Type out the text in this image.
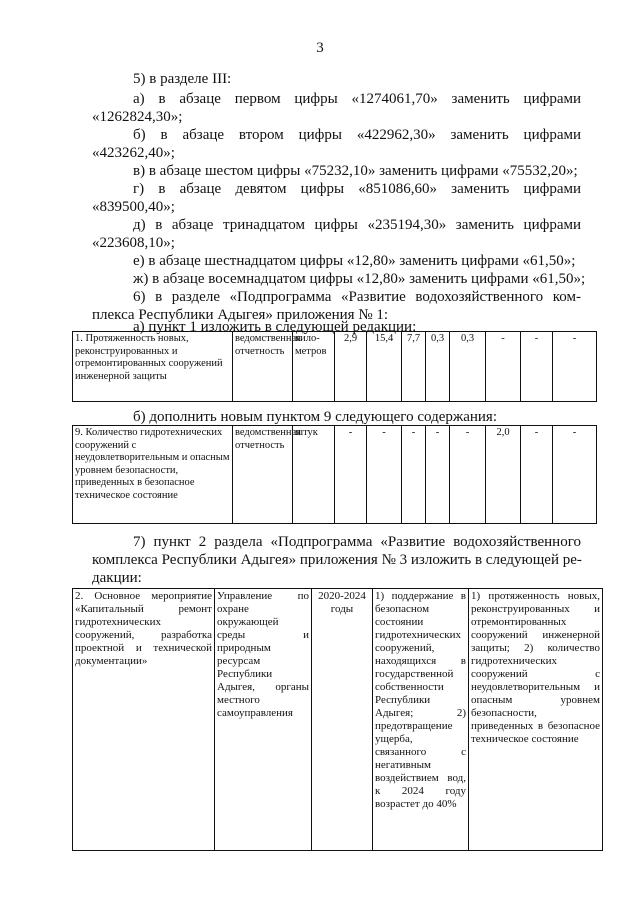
3
5) в разделе III:
а) в абзаце первом цифры «1274061,70» заменить цифрами
«1262824,30»;
б) в абзаце втором цифры «422962,30» заменить цифрами
«423262,40»;
в) в абзаце шестом цифры «75232,10» заменить цифрами «75532,20»;
г) в абзаце девятом цифры «851086,60» заменить цифрами
«839500,40»;
д) в абзаце тринадцатом цифры «235194,30» заменить цифрами
«223608,10»;
е) в абзаце шестнадцатом цифры «12,80» заменить цифрами «61,50»;
ж) в абзаце восемнадцатом цифры «12,80» заменить цифрами «61,50»;
6) в разделе «Подпрограмма «Развитие водохозяйственного ком-
плекса Республики Адыгея» приложения № 1:
а) пункт 1 изложить в следующей редакции:
1. Протяженность новых, реконструированных и отремонтированных сооружений инженерной защиты	ведомственная отчетность	кило-метров	2,9	15,4	7,7	0,3	0,3	-	-	-
б) дополнить новым пунктом 9 следующего содержания:
9. Количество гидротехнических сооружений с неудовлетворительным и опасным уровнем безопасности, приведенных в безопасное техническое состояние	ведомственная отчетность	штук	-	-	-	-	-	2,0	-	-
7) пункт 2 раздела «Подпрограмма «Развитие водохозяйственного
комплекса Республики Адыгея» приложения № 3 изложить в следующей ре-
дакции:
2. Основное мероприятие «Капитальный ремонт гидротехнических сооружений, разработка проектной и технической документации»	Управление по охране окружающей среды и природным ресурсам Республики Адыгея, органы местного самоуправления	2020-2024 годы	1) поддержание в безопасном состоянии гидротехнических сооружений, находящихся в государственной собственности Республики Адыгея; 2) предотвращение ущерба, связанного с негативным воздействием вод, к 2024 году возрастет до 40%	1) протяженность новых, реконструированных и отремонтированных сооружений инженерной защиты; 2) количество гидротехнических сооружений с неудовлетворительным и опасным уровнем безопасности, приведенных в безопасное техническое состояние
